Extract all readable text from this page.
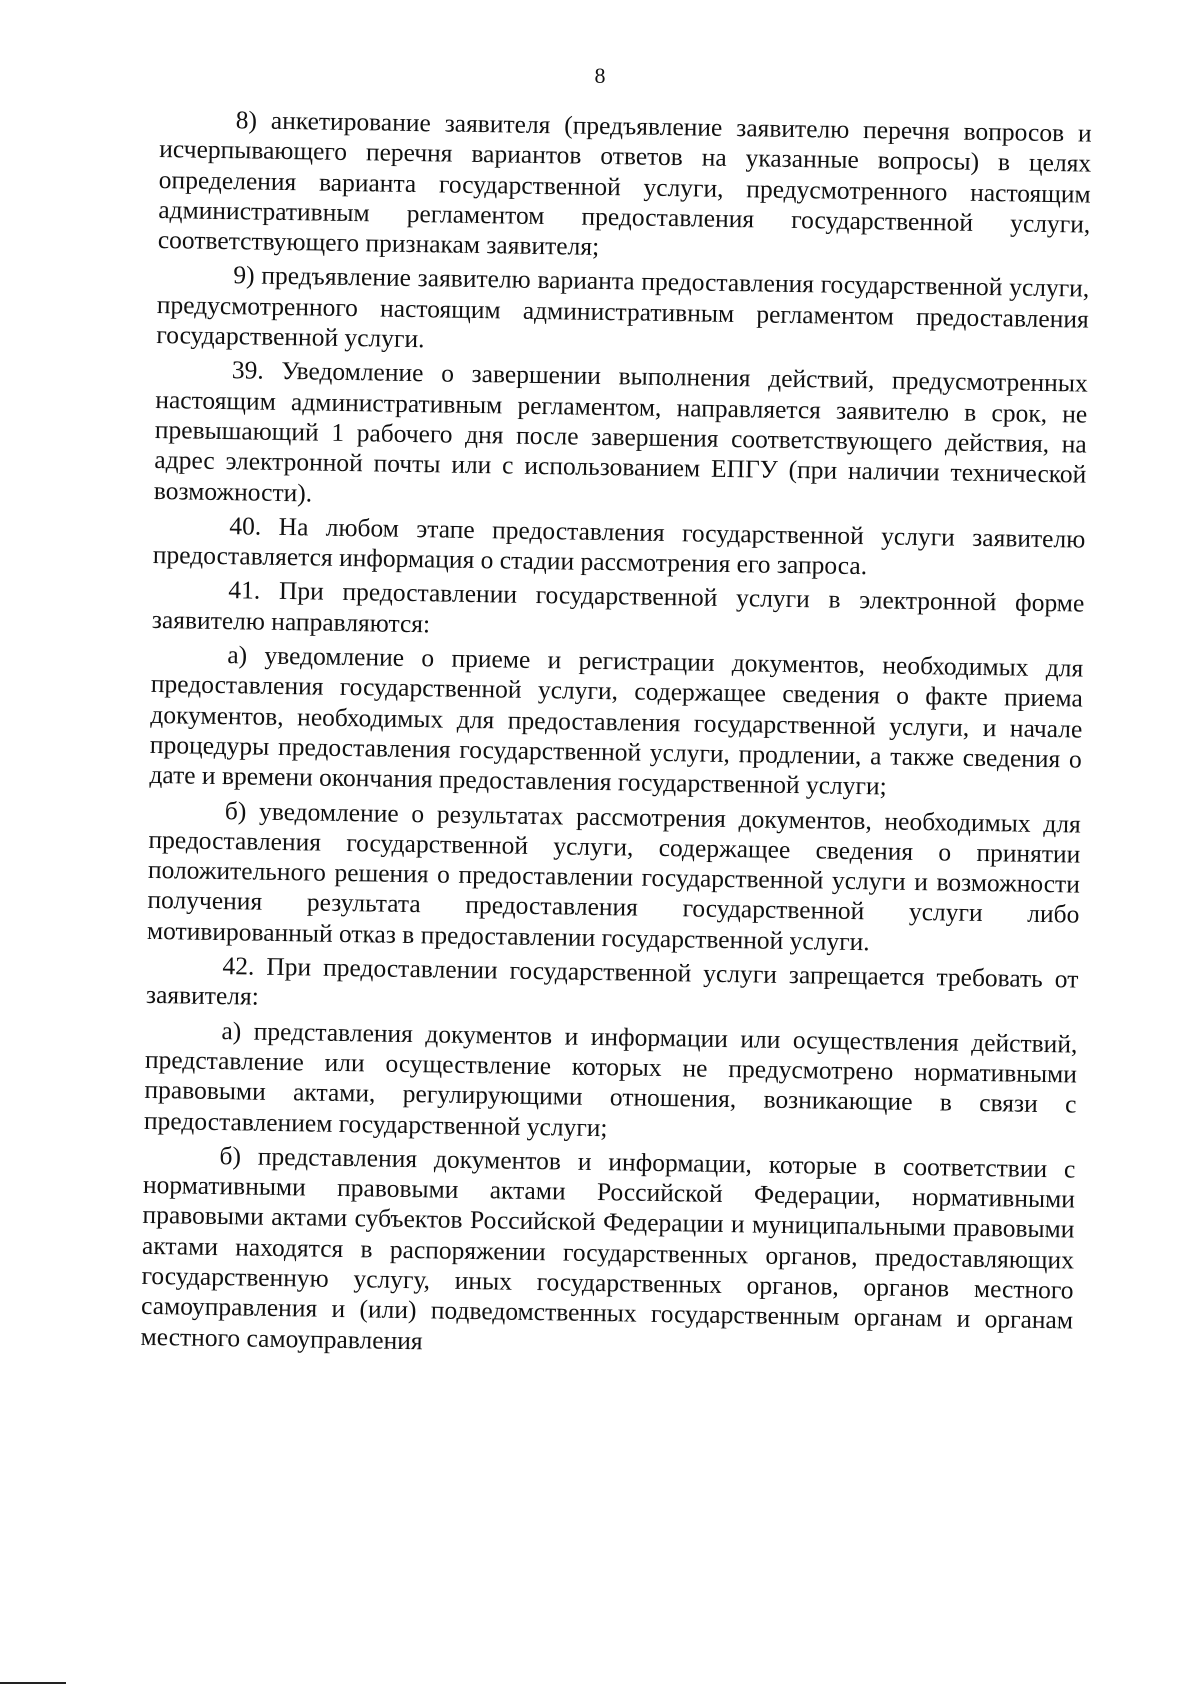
8

8) анкетирование заявителя (предъявление заявителю перечня вопросов и исчерпывающего перечня вариантов ответов на указанные вопросы) в целях определения варианта государственной услуги, предусмотренного настоящим административным регламентом предоставления государственной услуги, соответствующего признакам заявителя;

9) предъявление заявителю варианта предоставления государственной услуги, предусмотренного настоящим административным регламентом предоставления государственной услуги.

39. Уведомление о завершении выполнения действий, предусмотренных настоящим административным регламентом, направляется заявителю в срок, не превышающий 1 рабочего дня после завершения соответствующего действия, на адрес электронной почты или с использованием ЕПГУ (при наличии технической возможности).

40. На любом этапе предоставления государственной услуги заявителю предоставляется информация о стадии рассмотрения его запроса.

41. При предоставлении государственной услуги в электронной форме заявителю направляются:

а) уведомление о приеме и регистрации документов, необходимых для предоставления государственной услуги, содержащее сведения о факте приема документов, необходимых для предоставления государственной услуги, и начале процедуры предоставления государственной услуги, продлении, а также сведения о дате и времени окончания предоставления государственной услуги;

б) уведомление о результатах рассмотрения документов, необходимых для предоставления государственной услуги, содержащее сведения о принятии положительного решения о предоставлении государственной услуги и возможности получения результата предоставления государственной услуги либо мотивированный отказ в предоставлении государственной услуги.

42. При предоставлении государственной услуги запрещается требовать от заявителя:

а) представления документов и информации или осуществления действий, представление или осуществление которых не предусмотрено нормативными правовыми актами, регулирующими отношения, возникающие в связи с предоставлением государственной услуги;

б) представления документов и информации, которые в соответствии с нормативными правовыми актами Российской Федерации, нормативными правовыми актами субъектов Российской Федерации и муниципальными правовыми актами находятся в распоряжении государственных органов, предоставляющих государственную услугу, иных государственных органов, органов местного самоуправления и (или) подведомственных государственным органам и органам местного самоуправления
